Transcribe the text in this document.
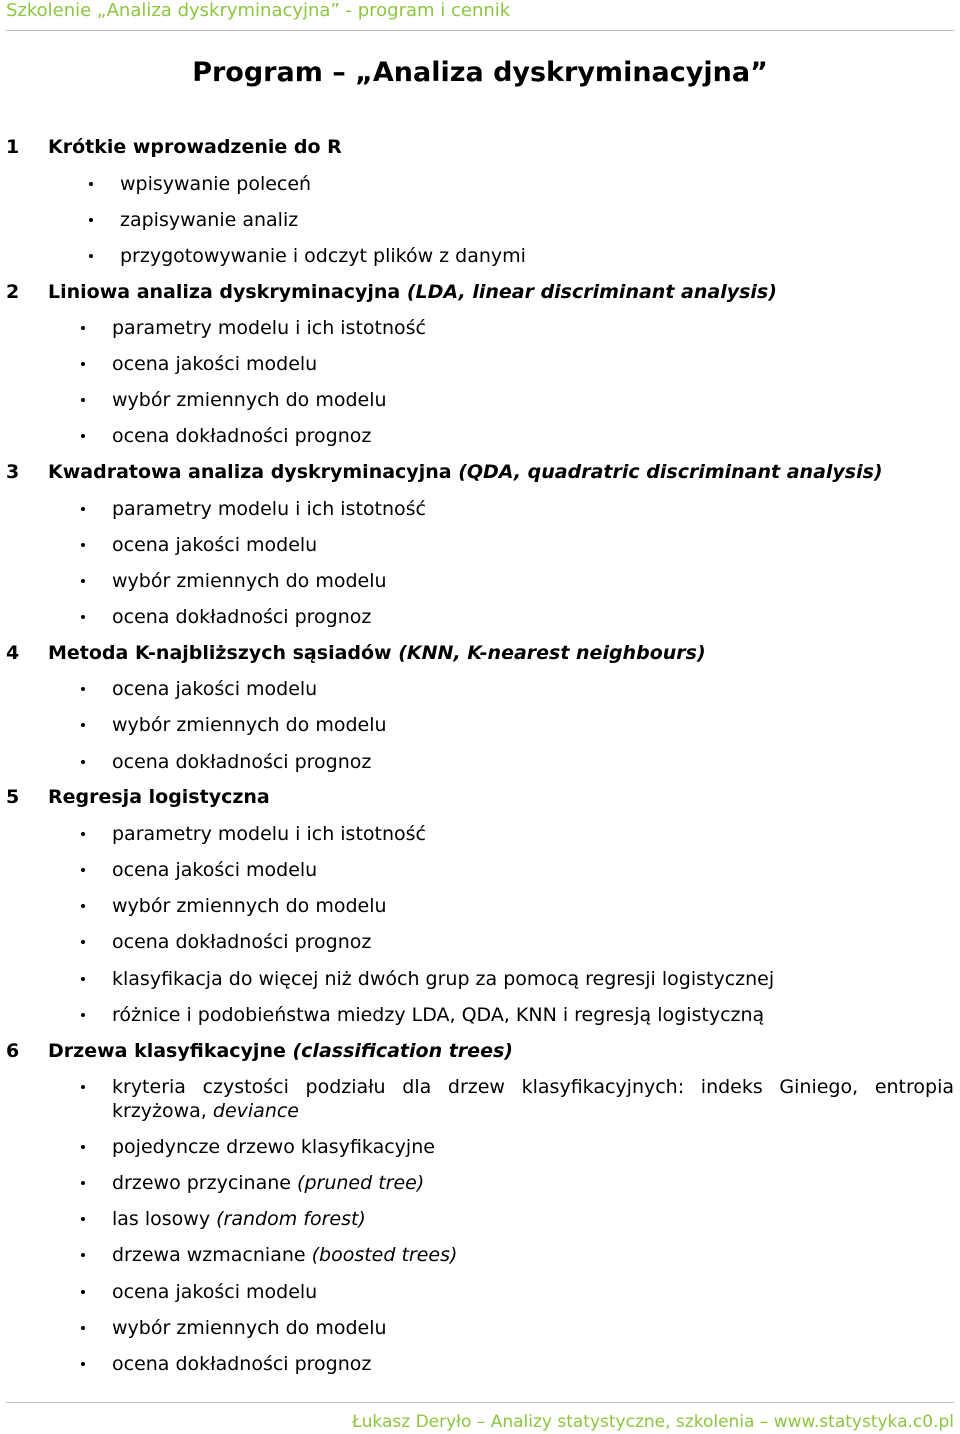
Szkolenie „Analiza dyskryminacyjna” - program i cennik
Program – „Analiza dyskryminacyjna”
1 Krótkie wprowadzenie do R
wpisywanie poleceń
zapisywanie analiz
przygotowywanie i odczyt plików z danymi
2 Liniowa analiza dyskryminacyjna (LDA, linear discriminant analysis)
parametry modelu i ich istotność
ocena jakości modelu
wybór zmiennych do modelu
ocena dokładności prognoz
3 Kwadratowa analiza dyskryminacyjna (QDA, quadratric discriminant analysis)
parametry modelu i ich istotność
ocena jakości modelu
wybór zmiennych do modelu
ocena dokładności prognoz
4 Metoda K-najbliższych sąsiadów (KNN, K-nearest neighbours)
ocena jakości modelu
wybór zmiennych do modelu
ocena dokładności prognoz
5 Regresja logistyczna
parametry modelu i ich istotność
ocena jakości modelu
wybór zmiennych do modelu
ocena dokładności prognoz
klasyfikacja do więcej niż dwóch grup za pomocą regresji logistycznej
różnice i podobieństwa miedzy LDA, QDA, KNN i regresją logistyczną
6 Drzewa klasyfikacyjne (classification trees)
kryteria czystości podziału dla drzew klasyfikacyjnych: indeks Giniego, entropia krzyżowa, deviance
pojedyncze drzewo klasyfikacyjne
drzewo przycinane (pruned tree)
las losowy (random forest)
drzewa wzmacniane (boosted trees)
ocena jakości modelu
wybór zmiennych do modelu
ocena dokładności prognoz
Łukasz Deryło – Analizy statystyczne, szkolenia – www.statystyka.c0.pl
